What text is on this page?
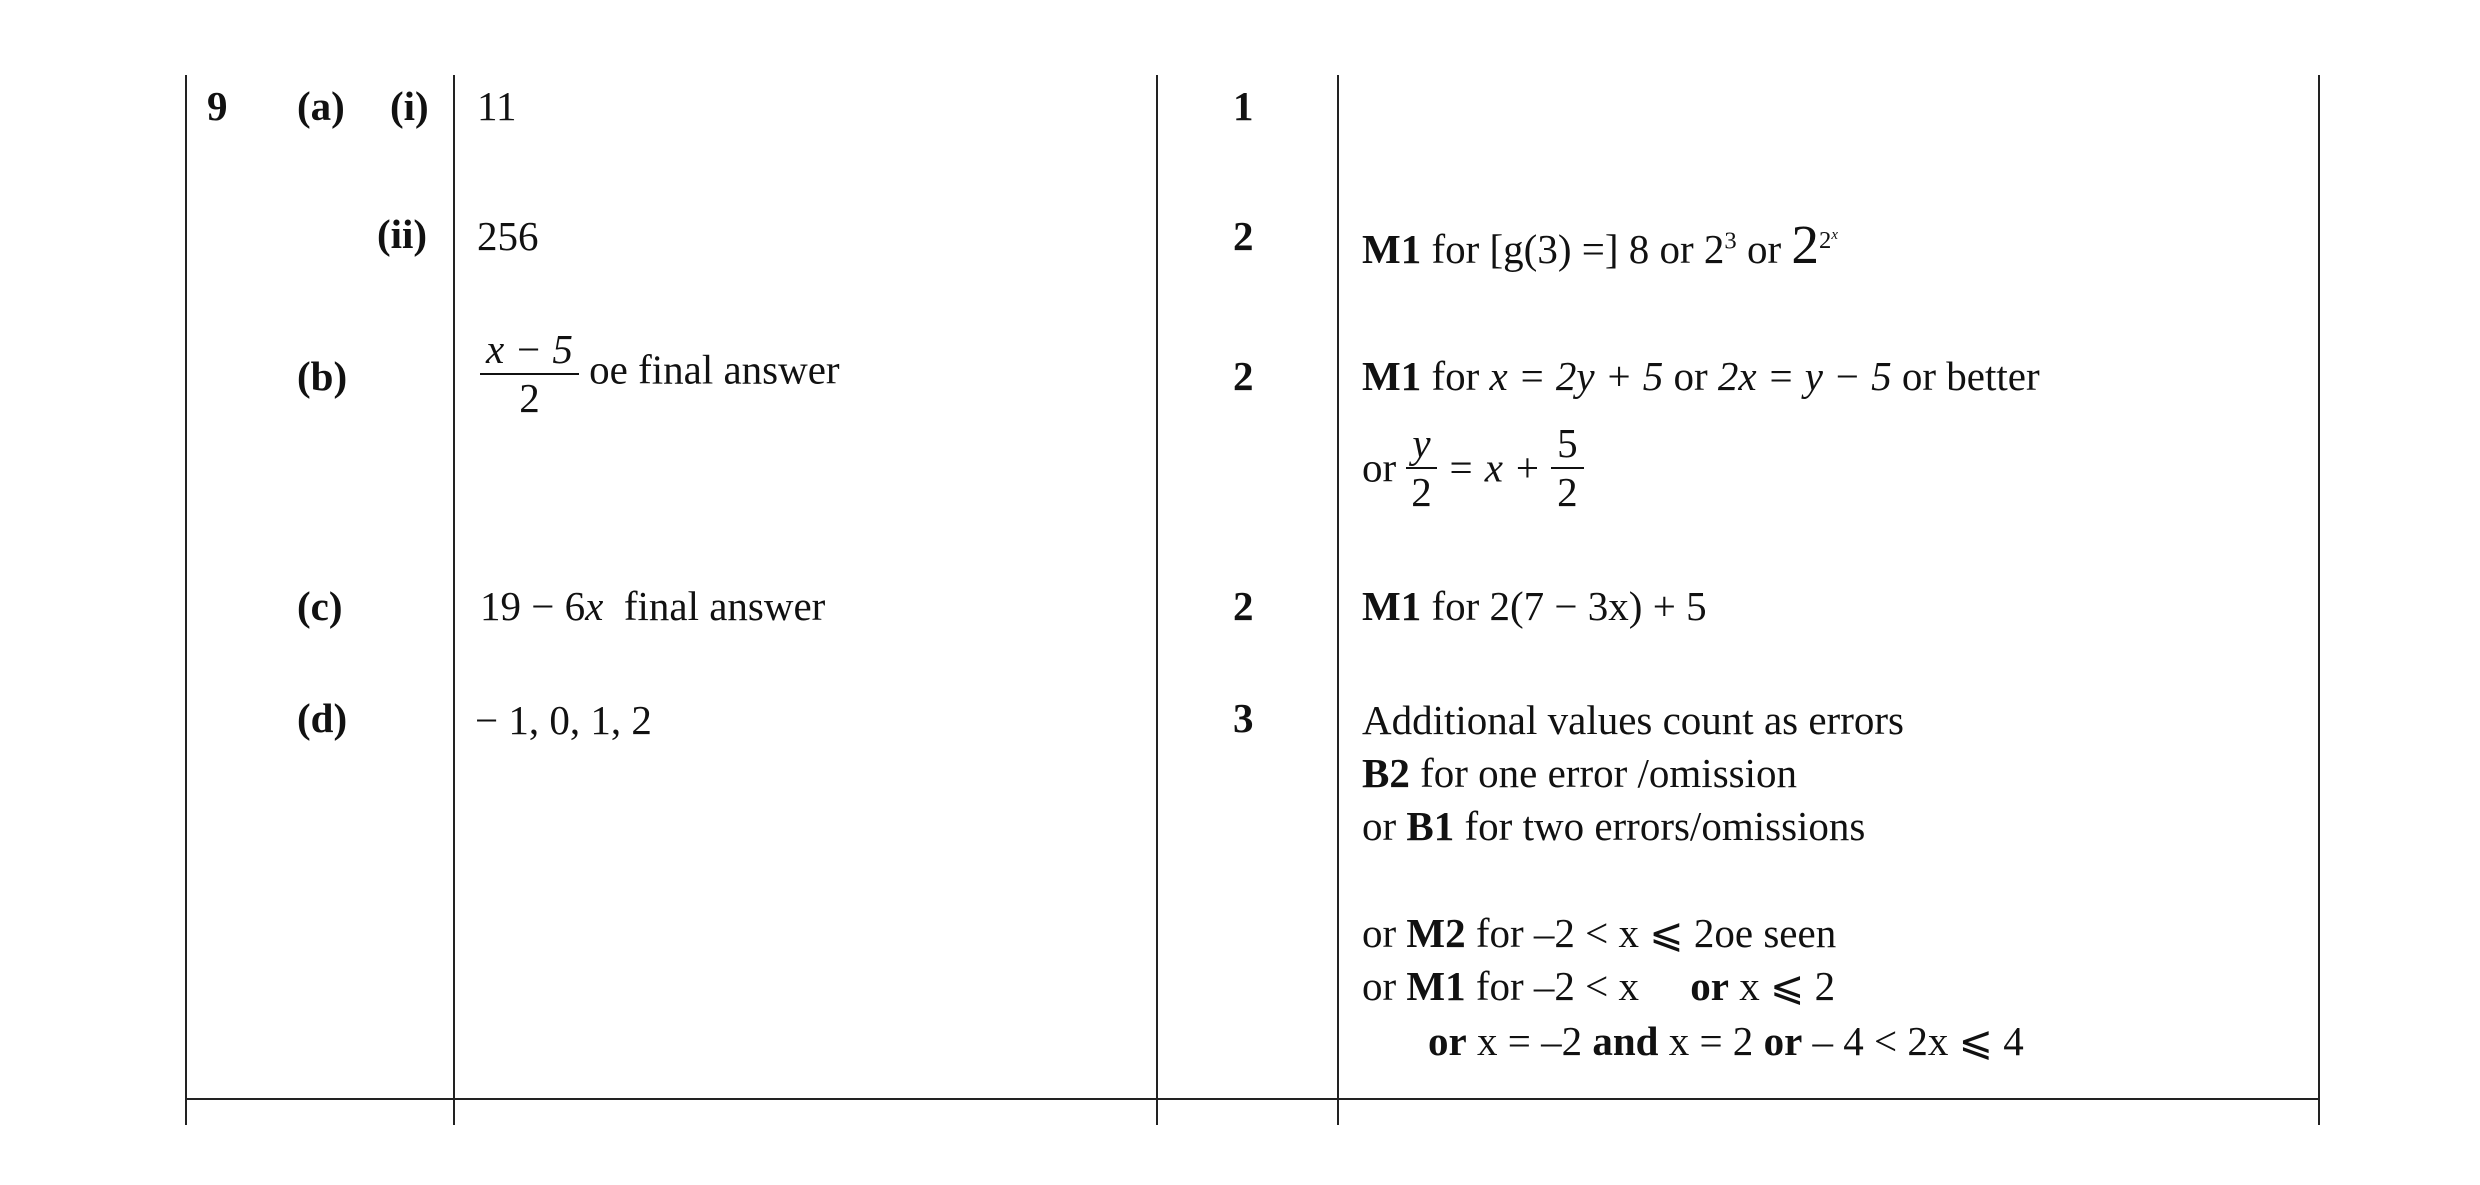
9 (a) (i) 11	1
(ii) 256	2	M1 for [g(3) =] 8 or $2^3$ or $2^{2^x}$
(b)	$\frac{x - 5}{2}$ oe final answer	2	M1 for x = 2y + 5 or 2x = y − 5 or better
or $\frac{y}{2} = x + \frac{5}{2}$
(c)	19 − 6x final answer	2	M1 for 2(7 − 3x) + 5
(d)	− 1, 0, 1, 2	3	Additional values count as errors
B2 for one error /omission
or B1 for two errors/omissions
or M2 for –2 < x ⩽ 2oe seen
or M1 for –2 < x or x ⩽ 2
or x = –2 and x = 2 or – 4 < 2x ⩽ 4
